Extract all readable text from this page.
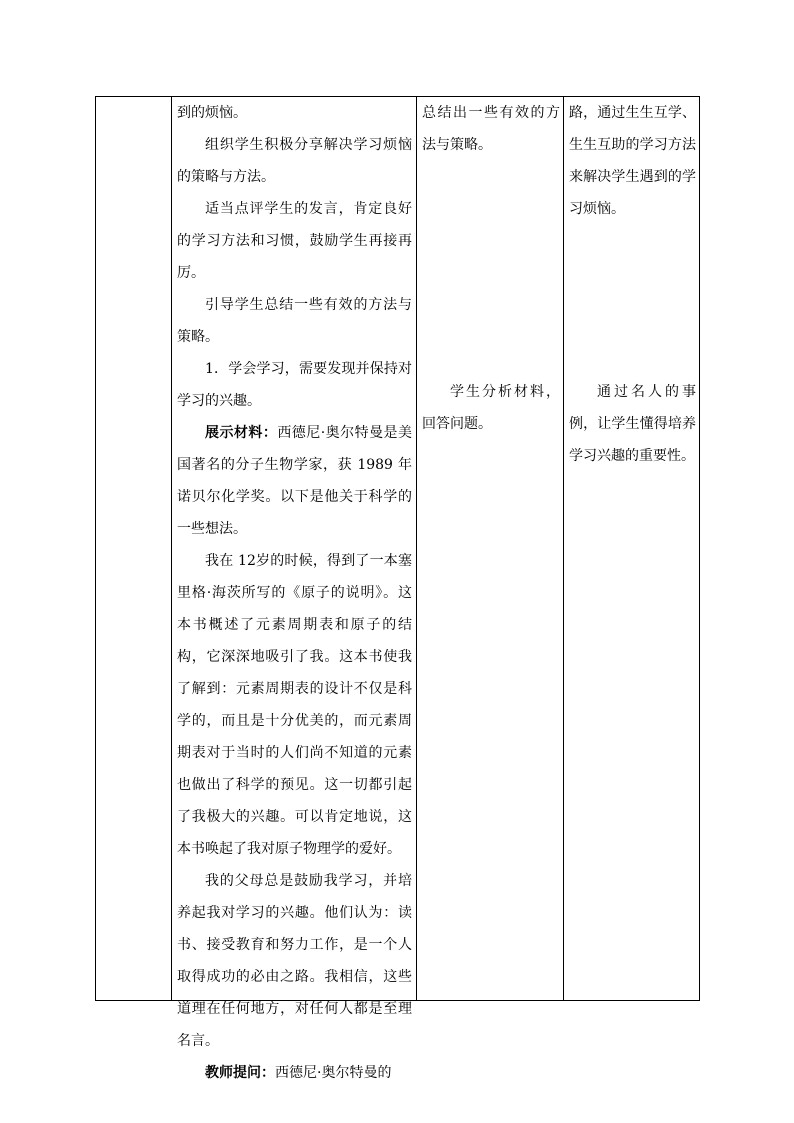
到的烦恼。

组织学生积极分享解决学习烦恼的策略与方法。

适当点评学生的发言，肯定良好的学习方法和习惯，鼓励学生再接再厉。

引导学生总结一些有效的方法与策略。

1．学会学习，需要发现并保持对学习的兴趣。

展示材料：西德尼·奥尔特曼是美国著名的分子生物学家，获 1989 年诺贝尔化学奖。以下是他关于科学的一些想法。

我在 12岁的时候，得到了一本塞里格·海茨所写的《原子的说明》。这本书概述了元素周期表和原子的结构，它深深地吸引了我。这本书使我了解到：元素周期表的设计不仅是科学的，而且是十分优美的，而元素周期表对于当时的人们尚不知道的元素也做出了科学的预见。这一切都引起了我极大的兴趣。可以肯定地说，这本书唤起了我对原子物理学的爱好。

我的父母总是鼓励我学习，并培养起我对学习的兴趣。他们认为：读书、接受教育和努力工作，是一个人取得成功的必由之路。我相信，这些道理在任何地方，对任何人都是至理名言。

教师提问：西德尼·奥尔特曼的

总结出一些有效的方法与策略。

学生分析材料，回答问题。

路，通过生生互学、生生互助的学习方法来解决学生遇到的学习烦恼。

通过名人的事例，让学生懂得培养学习兴趣的重要性。
